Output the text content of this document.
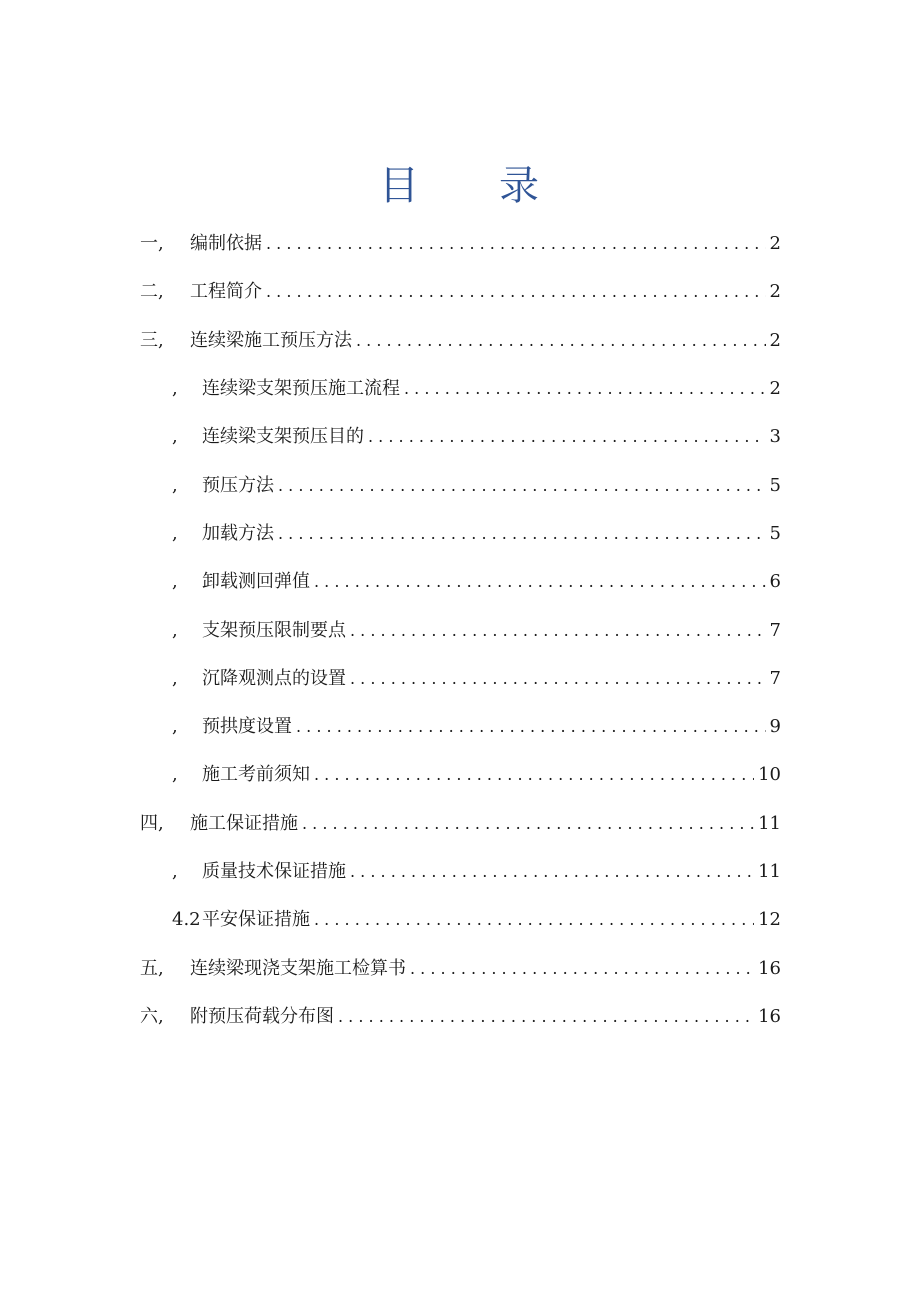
目 录
一,	编制依据 . . .	2
二,	工程简介 . . .	2
三,	连续梁施工预压方法 . . .	2
,	连续梁支架预压施工流程 . . .	2
,	连续梁支架预压目的 . . .	3
,	预压方法 . . .	5
,	加载方法 . . .	5
,	卸载测回弹值 . . .	6
,	支架预压限制要点 . . .	7
,	沉降观测点的设置 . . .	7
,	预拱度设置 . . .	9
,	施工考前须知 . . .	10
四,	施工保证措施 . . .	11
,	质量技术保证措施 . . .	11
4.2 平安保证措施 . . .	12
五,	连续梁现浇支架施工检算书 . . .	16
六,	附预压荷载分布图 . . .	16
